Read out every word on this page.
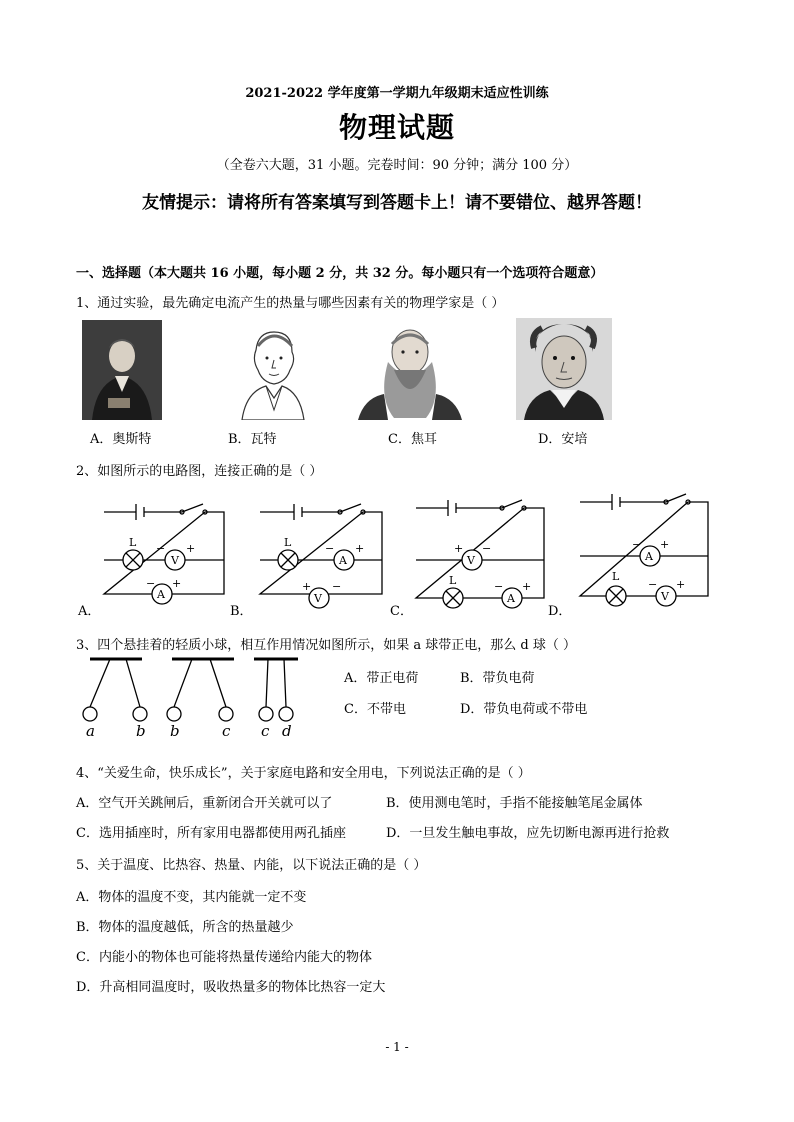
2021-2022 学年度第一学期九年级期末适应性训练
物理试题
（全卷六大题，31 小题。完卷时间：90 分钟；满分 100 分）
友情提示：请将所有答案填写到答题卡上！请不要错位、越界答题！
一、选择题（本大题共 16 小题，每小题 2 分，共 32 分。每小题只有一个选项符合题意）
1、通过实验，最先确定电流产生的热量与哪些因素有关的物理学家是（ ）
A．奥斯特	B．瓦特	C．焦耳	D．安培
2、如图所示的电路图，连接正确的是（ ）
L
V
A
− +
− +
L
A
V
− +
+ −
V
L
A
+ −
− +
A
L
V
− +
− +
A．	B．	C．	D．
3、四个悬挂着的轻质小球，相互作用情况如图所示，如果 a 球带正电，那么 d 球（ ）
a	b b	c c d
A．带正电荷	B．带负电荷
C．不带电	D．带负电荷或不带电
4、“关爱生命，快乐成长”，关于家庭电路和安全用电，下列说法正确的是（ ）
A．空气开关跳闸后，重新闭合开关就可以了	B．使用测电笔时，手指不能接触笔尾金属体
C．选用插座时，所有家用电器都使用两孔插座	D．一旦发生触电事故，应先切断电源再进行抢救
5、关于温度、比热容、热量、内能，以下说法正确的是（ ）
A．物体的温度不变，其内能就一定不变
B．物体的温度越低，所含的热量越少
C．内能小的物体也可能将热量传递给内能大的物体
D．升高相同温度时，吸收热量多的物体比热容一定大
- 1 -
